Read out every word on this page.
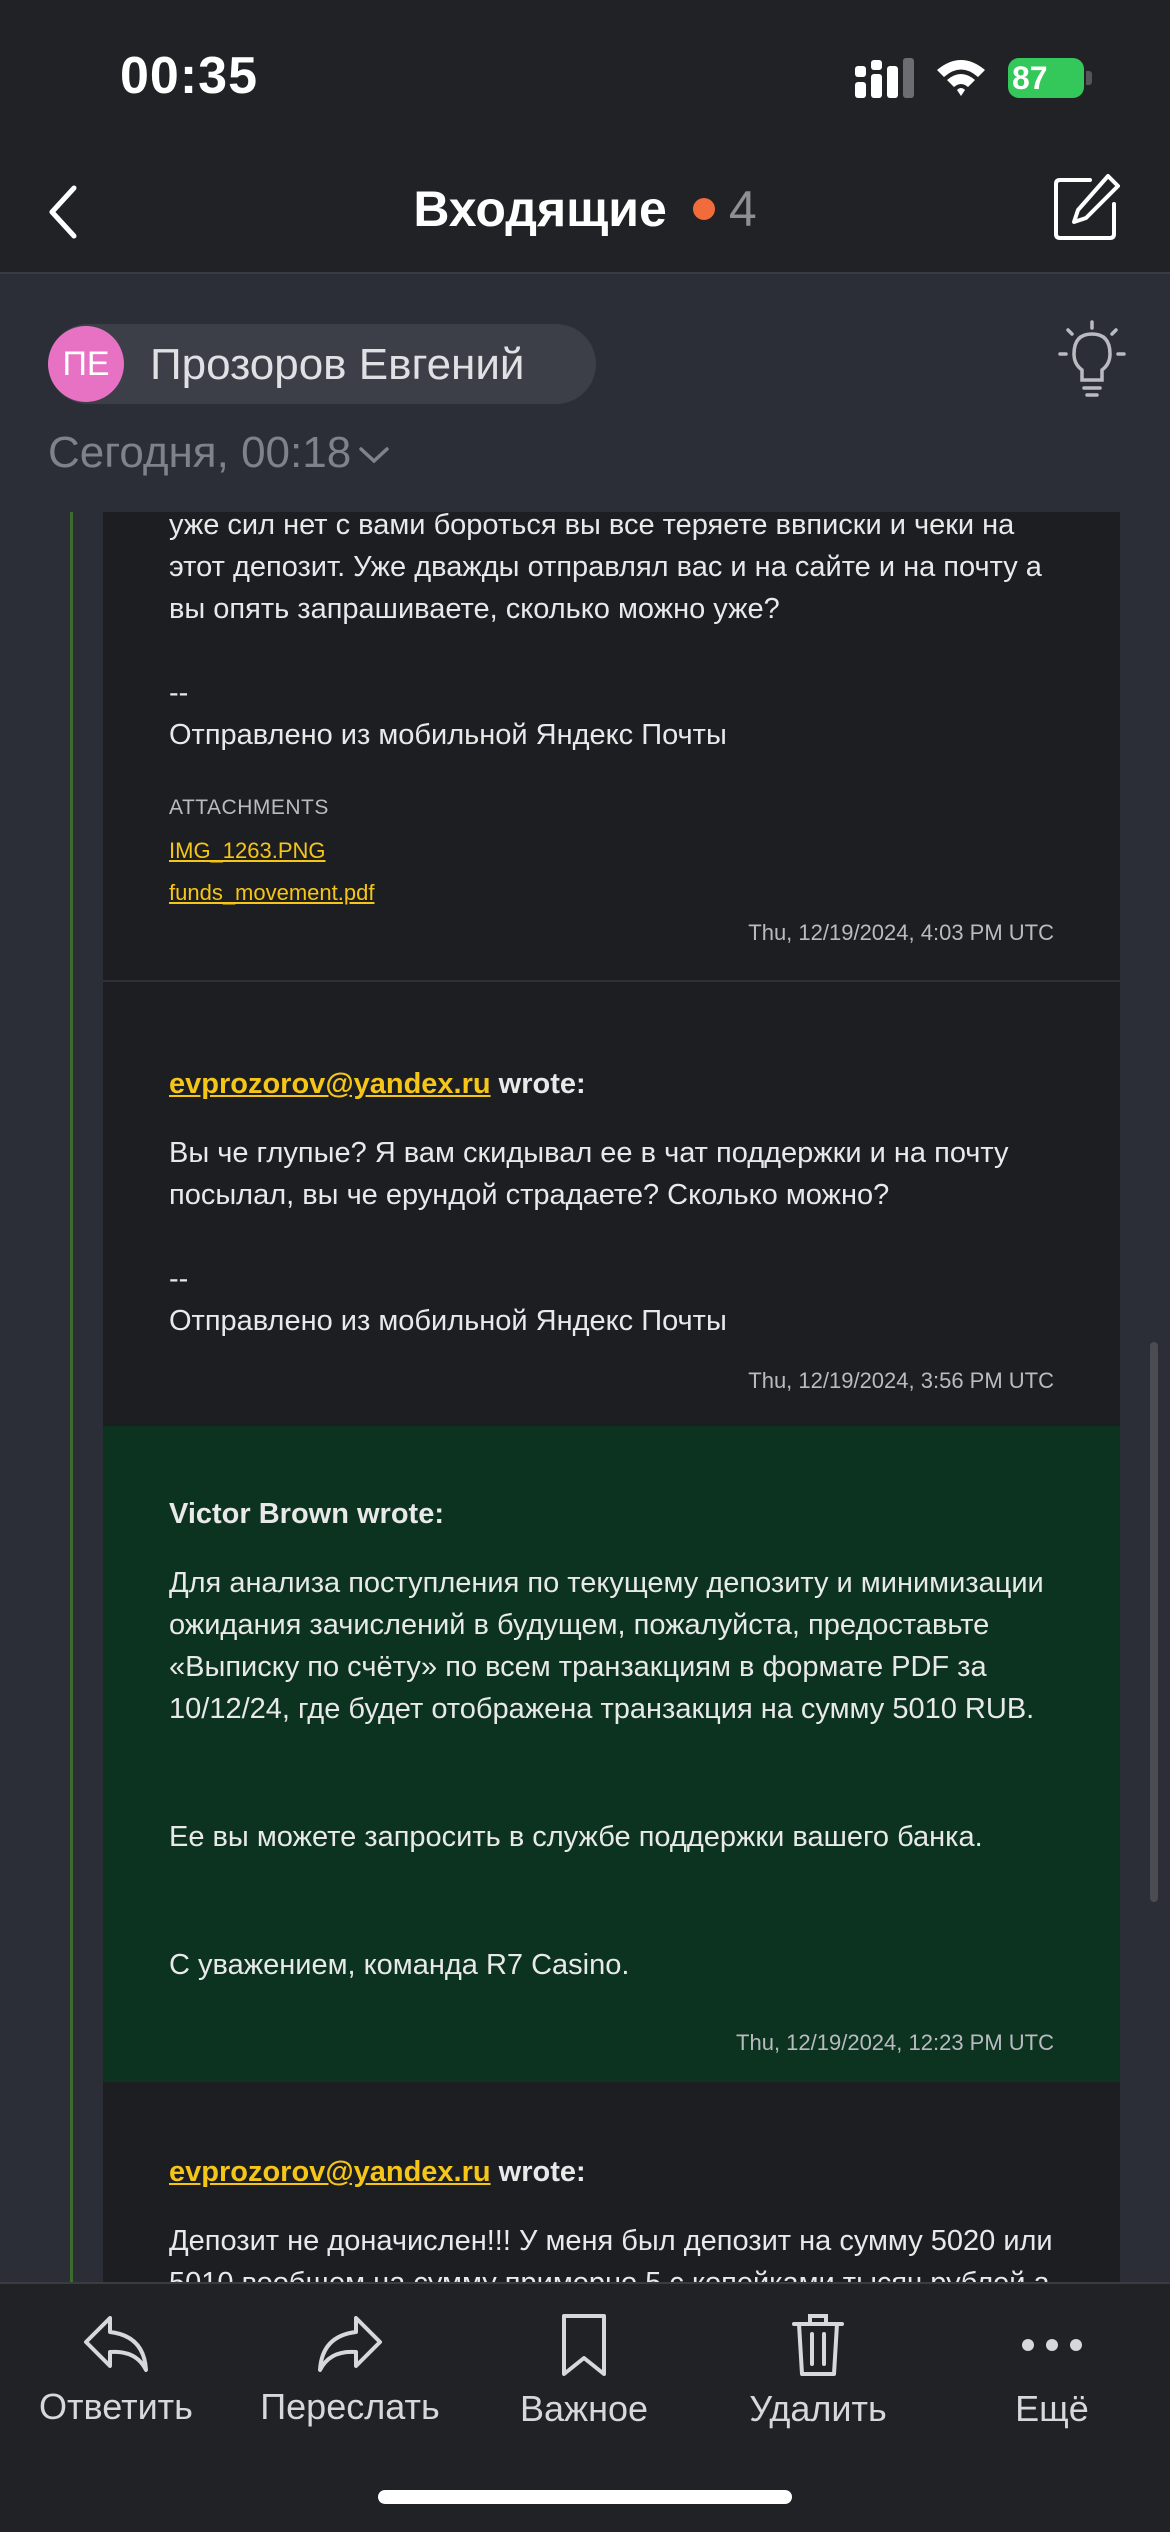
00:35	87
Входящие 4
ПЕ Прозоров Евгений
Сегодня, 00:18
уже сил нет с вами бороться вы все теряете ввписки и чеки на
этот депозит. Уже дважды отправлял вас и на сайте и на почту а
вы опять запрашиваете, сколько можно уже?
--
Отправлено из мобильной Яндекс Почты
ATTACHMENTS
IMG_1263.PNG
funds_movement.pdf
Thu, 12/19/2024, 4:03 PM UTC
evprozorov@yandex.ru wrote:
Вы че глупые? Я вам скидывал ее в чат поддержки и на почту
посылал, вы че ерундой страдаете? Сколько можно?
--
Отправлено из мобильной Яндекс Почты
Thu, 12/19/2024, 3:56 PM UTC
Victor Brown wrote:
Для анализа поступления по текущему депозиту и минимизации
ожидания зачислений в будущем, пожалуйста, предоставьте
«Выписку по счёту» по всем транзакциям в формате PDF за
10/12/24, где будет отображена транзакция на сумму 5010 RUB.
Ее вы можете запросить в службе поддержки вашего банка.
С уважением, команда R7 Casino.
Thu, 12/19/2024, 12:23 PM UTC
evprozorov@yandex.ru wrote:
Депозит не доначислен!!! У меня был депозит на сумму 5020 или
Ответить	Переслать	Важное	Удалить	Ещё
